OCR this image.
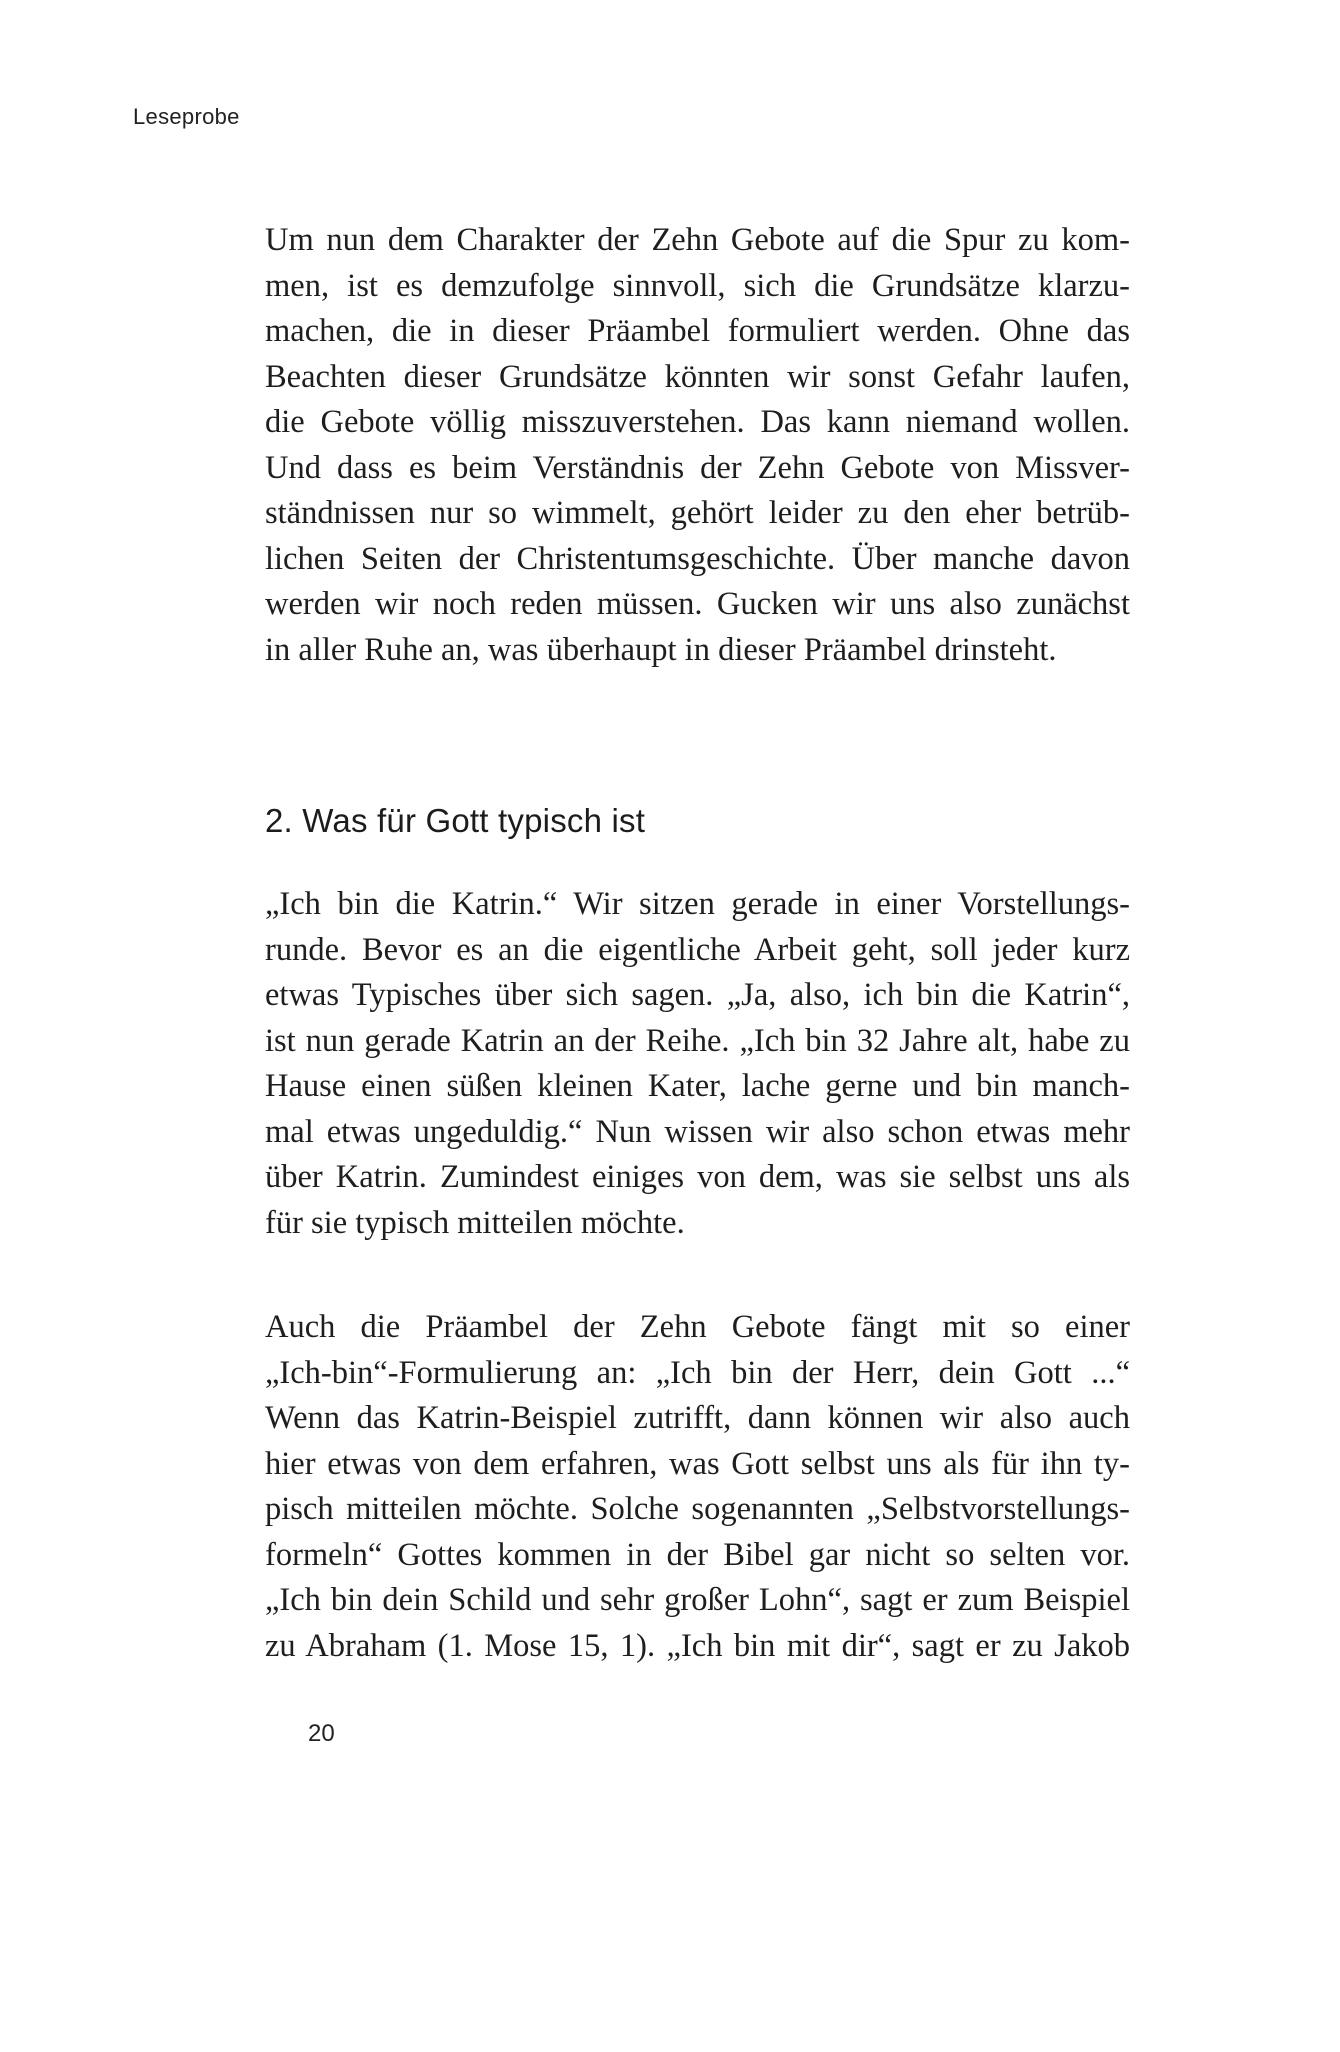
Leseprobe
Um nun dem Charakter der Zehn Gebote auf die Spur zu kom-
men, ist es demzufolge sinnvoll, sich die Grundsätze klarzu-
machen, die in dieser Präambel formuliert werden. Ohne das
Beachten dieser Grundsätze könnten wir sonst Gefahr laufen,
die Gebote völlig misszuverstehen. Das kann niemand wollen.
Und dass es beim Verständnis der Zehn Gebote von Missver-
ständnissen nur so wimmelt, gehört leider zu den eher betrüb-
lichen Seiten der Christentumsgeschichte. Über manche davon
werden wir noch reden müssen. Gucken wir uns also zunächst
in aller Ruhe an, was überhaupt in dieser Präambel drinsteht.
2. Was für Gott typisch ist
„Ich bin die Katrin.“ Wir sitzen gerade in einer Vorstellungs-
runde. Bevor es an die eigentliche Arbeit geht, soll jeder kurz
etwas Typisches über sich sagen. „Ja, also, ich bin die Katrin“,
ist nun gerade Katrin an der Reihe. „Ich bin 32 Jahre alt, habe zu
Hause einen süßen kleinen Kater, lache gerne und bin manch-
mal etwas ungeduldig.“ Nun wissen wir also schon etwas mehr
über Katrin. Zumindest einiges von dem, was sie selbst uns als
für sie typisch mitteilen möchte.
Auch die Präambel der Zehn Gebote fängt mit so einer
„Ich-bin“-Formulierung an: „Ich bin der Herr, dein Gott ...“
Wenn das Katrin-Beispiel zutrifft, dann können wir also auch
hier etwas von dem erfahren, was Gott selbst uns als für ihn ty-
pisch mitteilen möchte. Solche sogenannten „Selbstvorstellungs-
formeln“ Gottes kommen in der Bibel gar nicht so selten vor.
„Ich bin dein Schild und sehr großer Lohn“, sagt er zum Beispiel
zu Abraham (1. Mose 15, 1). „Ich bin mit dir“, sagt er zu Jakob
20
